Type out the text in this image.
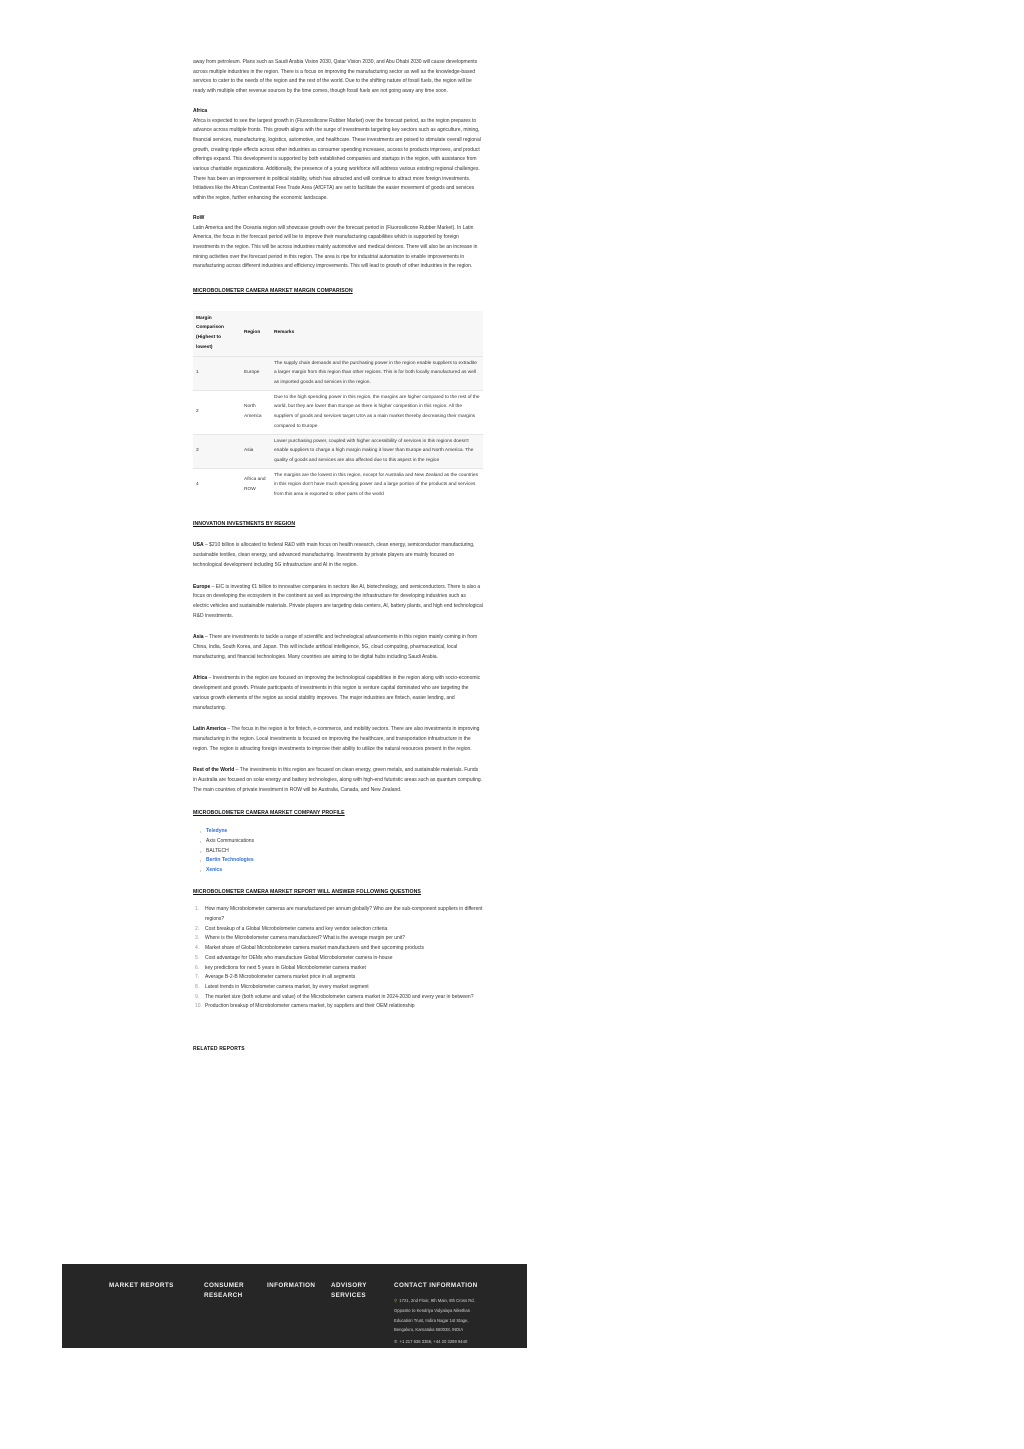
away from petroleum. Plans such as Saudi Arabia Vision 2030, Qatar Vision 2030, and Abu Dhabi 2030 will cause developments across multiple industries in the region. There is a focus on improving the manufacturing sector as well as the knowledge-based services to cater to the needs of the region and the rest of the world. Due to the shifting nature of fossil fuels, the region will be ready with multiple other revenue sources by the time comes, though fossil fuels are not going away any time soon.

Africa

Africa is expected to see the largest growth in (Fluorosilicone Rubber Market) over the forecast period, as the region prepares to advance across multiple fronts. This growth aligns with the surge of investments targeting key sectors such as agriculture, mining, financial services, manufacturing, logistics, automotive, and healthcare. These investments are poised to stimulate overall regional growth, creating ripple effects across other industries as consumer spending increases, access to products improves, and product offerings expand. This development is supported by both established companies and startups in the region, with assistance from various charitable organizations. Additionally, the presence of a young workforce will address various existing regional challenges. There has been an improvement in political stability, which has attracted and will continue to attract more foreign investments. Initiatives like the African Continental Free Trade Area (AfCFTA) are set to facilitate the easier movement of goods and services within the region, further enhancing the economic landscape.

RoW

Latin America and the Oceania region will showcase growth over the forecast period in (Fluorosilicone Rubber Market). In Latin America, the focus in the forecast period will be to improve their manufacturing capabilities which is supported by foreign investments in the region. This will be across industries mainly automotive and medical devices. There will also be an increase in mining activities over the forecast period in this region. The area is ripe for industrial automation to enable improvements in manufacturing across different industries and efficiency improvements. This will lead to growth of other industries in the region.

MICROBOLOMETER CAMERA MARKET MARGIN COMPARISON

Margin Comparison (Highest to lowest)	Region	Remarks
1	Europe	The supply chain demands and the purchasing power in the region enable suppliers to extradite a larger margin from this region than other regions. This is for both locally manufactured as well as imported goods and services in the region.
2	North America	Due to the high spending power in this region, the margins are higher compared to the rest of the world, but they are lower than Europe as there is higher competition in this region. All the suppliers of goods and services target USA as a main market thereby decreasing their margins compared to Europe
3	Asia	Lower purchasing power, coupled with higher accessibility of services in this regions doesn't enable suppliers to charge a high margin making it lower than Europe and North America. The quality of goods and services are also affected due to this aspect in the region
4	Africa and ROW	The margins are the lowest in this region, except for Australia and New Zealand as the countries in this region don't have much spending power and a large portion of the products and services from this area is exported to other parts of the world

INNOVATION INVESTMENTS BY REGION

USA – $210 billion is allocated to federal R&D with main focus on health research, clean energy, semiconductor manufacturing, sustainable textiles, clean energy, and advanced manufacturing. Investments by private players are mainly focused on technological development including 5G infrastructure and AI in the region.

Europe – EIC is investing €1 billion to innovative companies in sectors like AI, biotechnology, and semiconductors. There is also a focus on developing the ecosystem in the continent as well as improving the infrastructure for developing industries such as electric vehicles and sustainable materials. Private players are targeting data centers, AI, battery plants, and high end technological R&D investments.

Asia – There are investments to tackle a range of scientific and technological advancements in this region mainly coming in from China, India, South Korea, and Japan. This will include artificial intelligence, 5G, cloud computing, pharmaceutical, local manufacturing, and financial technologies. Many countries are aiming to be digital hubs including Saudi Arabia.

Africa – Investments in the region are focused on improving the technological capabilities in the region along with socio-economic development and growth. Private participants of investments in this region is venture capital dominated who are targeting the various growth elements of the region as social stability improves. The major industries are fintech, easier lending, and manufacturing.

Latin America – The focus in the region is for fintech, e-commerce, and mobility sectors. There are also investments in improving manufacturing in the region. Local investments is focused on improving the healthcare, and transportation infrastructure in the region. The region is attracting foreign investments to improve their ability to utilize the natural resources present in the region.

Rest of the World – The investments in this region are focused on clean energy, green metals, and sustainable materials. Funds in Australia are focused on solar energy and battery technologies, along with high-end futuristic areas such as quantum computing. The main countries of private investment in ROW will be Australia, Canada, and New Zealand.

MICROBOLOMETER CAMERA MARKET COMPANY PROFILE

• Teledyne
• Axis Communications
• BALTECH
• Bertin Technologies
• Xenics

MICROBOLOMETER CAMERA MARKET REPORT WILL ANSWER FOLLOWING QUESTIONS

1. How many Microbolometer cameras are manufactured per annum globally? Who are the sub-component suppliers in different regions?
2. Cost breakup of a Global Microbolometer camera and key vendor selection criteria
3. Where is the Microbolometer camera manufactured? What is the average margin per unit?
4. Market share of Global Microbolometer camera market manufacturers and their upcoming products
5. Cost advantage for OEMs who manufacture Global Microbolometer camera in-house
6. key predictions for next 5 years in Global Microbolometer camera market
7. Average B-2-B Microbolometer camera market price in all segments
8. Latest trends in Microbolometer camera market, by every market segment
9. The market size (both volume and value) of the Microbolometer camera market in 2024-2030 and every year in between?
10. Production breakup of Microbolometer camera market, by suppliers and their OEM relationship

RELATED REPORTS

MARKET REPORTS	CONSUMER RESEARCH
INFORMATION	ADVISORY SERVICES
CONTACT INFORMATION
⚲ 1721, 2nd Floor, 9th Main, 9th Cross Rd, Opposite to Kendriya Vidyalaya Nikethan Education Trust, Indira Nagar 1st Stage, Bengaluru, Karnataka 560038, INDIA
✆ +1 217 636 3356, +44 20 3289 9440
